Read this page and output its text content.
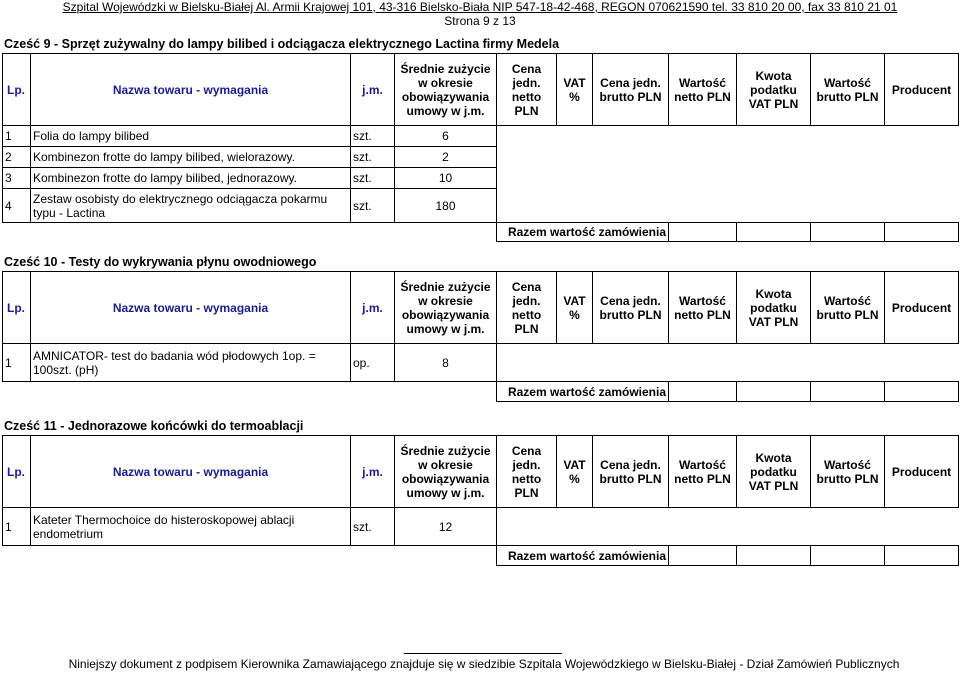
Szpital Wojewódzki w Bielsku-Białej Al. Armii Krajowej 101, 43-316 Bielsko-Biała NIP 547-18-42-468, REGON 070621590 tel. 33 810 20 00, fax 33 810 21 01
Strona 9 z 13
Cześć 9 - Sprzęt zużywalny do lampy bilibed i odciągacza elektrycznego Lactina firmy Medela
Lp.	Nazwa towaru - wymagania	j.m.	Średnie zużycie w okresie obowiązywania umowy w j.m.	Cena jedn. netto PLN	VAT %	Cena jedn. brutto PLN	Wartość netto PLN	Kwota podatku VAT PLN	Wartość brutto PLN	Producent
1	Folia do lampy bilibed	szt.	6							
2	Kombinezon frotte do lampy bilibed, wielorazowy.	szt.	2							
3	Kombinezon frotte do lampy bilibed, jednorazowy.	szt.	10							
4	Zestaw osobisty do elektrycznego odciągacza pokarmu typu - Lactina	szt.	180							
				Razem wartość zamówienia						
Cześć 10 - Testy do wykrywania płynu owodniowego
Lp.	Nazwa towaru - wymagania	j.m.	Średnie zużycie w okresie obowiązywania umowy w j.m.	Cena jedn. netto PLN	VAT %	Cena jedn. brutto PLN	Wartość netto PLN	Kwota podatku VAT PLN	Wartość brutto PLN	Producent
1	AMNICATOR- test do badania wód płodowych 1op. = 100szt. (pH)	op.	8							
				Razem wartość zamówienia						
Cześć 11 - Jednorazowe końcówki do termoablacji
Lp.	Nazwa towaru - wymagania	j.m.	Średnie zużycie w okresie obowiązywania umowy w j.m.	Cena jedn. netto PLN	VAT %	Cena jedn. brutto PLN	Wartość netto PLN	Kwota podatku VAT PLN	Wartość brutto PLN	Producent
1	Kateter Thermochoice do histeroskopowej ablacji endometrium	szt.	12							
				Razem wartość zamówienia						
Niniejszy dokument z podpisem Kierownika Zamawiającego znajduje się w siedzibie Szpitala Wojewódzkiego w Bielsku-Białej - Dział Zamówień Publicznych
